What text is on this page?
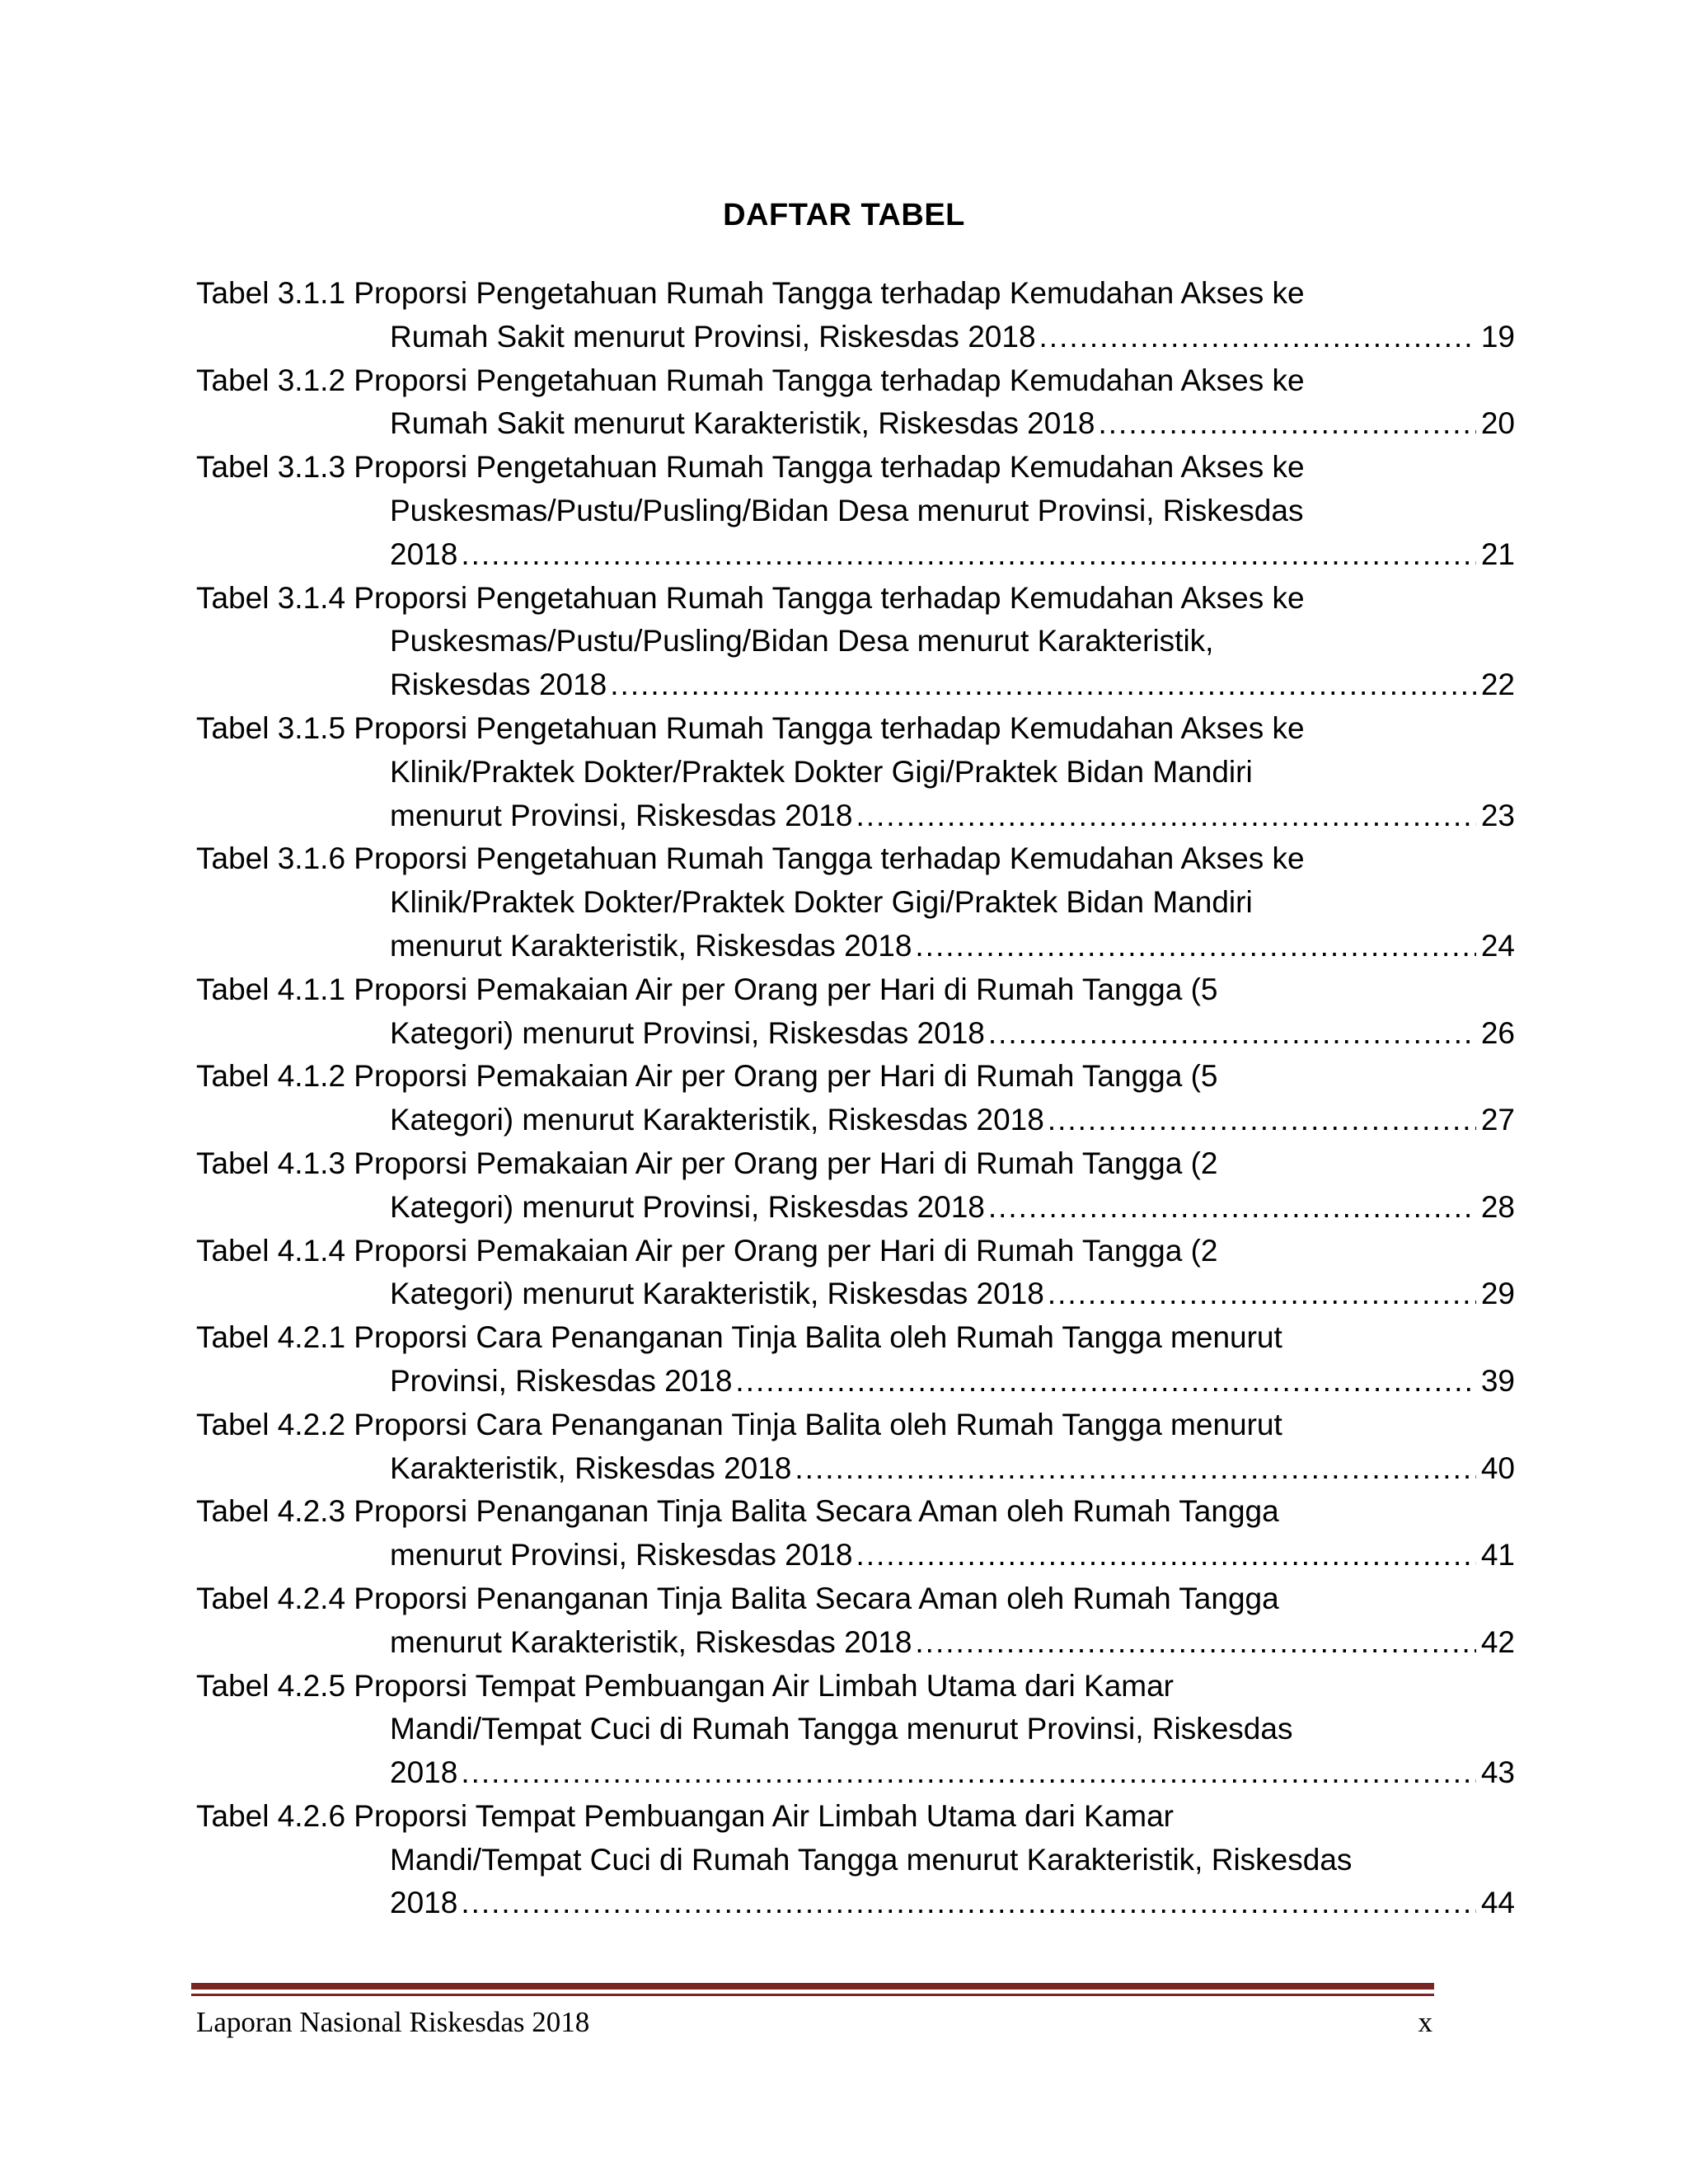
DAFTAR TABEL
Tabel 3.1.1 Proporsi Pengetahuan Rumah Tangga terhadap Kemudahan Akses ke
Rumah Sakit menurut Provinsi, Riskesdas 2018 .....	19
Tabel 3.1.2 Proporsi Pengetahuan Rumah Tangga terhadap Kemudahan Akses ke
Rumah Sakit menurut Karakteristik, Riskesdas 2018 .....	20
Tabel 3.1.3 Proporsi Pengetahuan Rumah Tangga terhadap Kemudahan Akses ke
Puskesmas/Pustu/Pusling/Bidan Desa menurut Provinsi, Riskesdas
2018 .....	21
Tabel 3.1.4 Proporsi Pengetahuan Rumah Tangga terhadap Kemudahan Akses ke
Puskesmas/Pustu/Pusling/Bidan Desa menurut Karakteristik,
Riskesdas 2018 .....	22
Tabel 3.1.5 Proporsi Pengetahuan Rumah Tangga terhadap Kemudahan Akses ke
Klinik/Praktek Dokter/Praktek Dokter Gigi/Praktek Bidan Mandiri
menurut Provinsi, Riskesdas 2018 .....	23
Tabel 3.1.6 Proporsi Pengetahuan Rumah Tangga terhadap Kemudahan Akses ke
Klinik/Praktek Dokter/Praktek Dokter Gigi/Praktek Bidan Mandiri
menurut Karakteristik, Riskesdas 2018 .....	24
Tabel 4.1.1 Proporsi Pemakaian Air per Orang per Hari di Rumah Tangga (5
Kategori) menurut Provinsi, Riskesdas 2018 .....	26
Tabel 4.1.2 Proporsi Pemakaian Air per Orang per Hari di Rumah Tangga (5
Kategori) menurut Karakteristik, Riskesdas 2018 .....	27
Tabel 4.1.3 Proporsi Pemakaian Air per Orang per Hari di Rumah Tangga (2
Kategori) menurut Provinsi, Riskesdas 2018 .....	28
Tabel 4.1.4 Proporsi Pemakaian Air per Orang per Hari di Rumah Tangga (2
Kategori) menurut Karakteristik, Riskesdas 2018 .....	29
Tabel 4.2.1 Proporsi Cara Penanganan Tinja Balita oleh Rumah Tangga menurut
Provinsi, Riskesdas 2018 .....	39
Tabel 4.2.2 Proporsi Cara Penanganan Tinja Balita oleh Rumah Tangga menurut
Karakteristik, Riskesdas 2018 .....	40
Tabel 4.2.3 Proporsi Penanganan Tinja Balita Secara Aman oleh Rumah Tangga
menurut Provinsi, Riskesdas 2018 .....	41
Tabel 4.2.4 Proporsi Penanganan Tinja Balita Secara Aman oleh Rumah Tangga
menurut Karakteristik, Riskesdas 2018 .....	42
Tabel 4.2.5 Proporsi Tempat Pembuangan Air Limbah Utama dari Kamar
Mandi/Tempat Cuci di Rumah Tangga menurut Provinsi, Riskesdas
2018 .....	43
Tabel 4.2.6 Proporsi Tempat Pembuangan Air Limbah Utama dari Kamar
Mandi/Tempat Cuci di Rumah Tangga menurut Karakteristik, Riskesdas
2018 .....	44
Laporan Nasional Riskesdas 2018	x
